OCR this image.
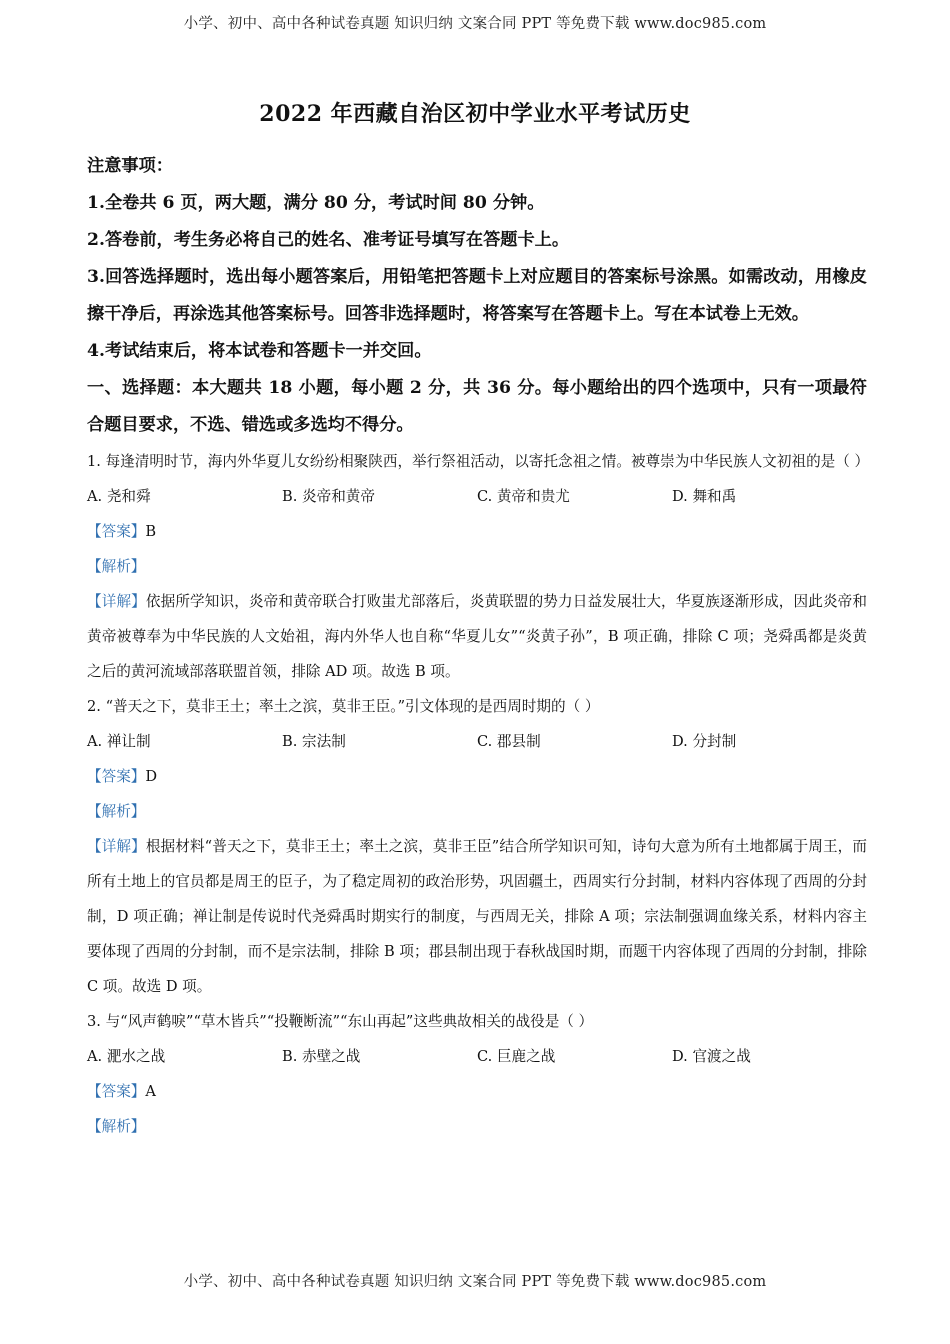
小学、初中、高中各种试卷真题 知识归纳 文案合同 PPT 等免费下载 www.doc985.com
2022 年西藏自治区初中学业水平考试历史

注意事项：

1.全卷共 6 页，两大题，满分 80 分，考试时间 80 分钟。

2.答卷前，考生务必将自己的姓名、准考证号填写在答题卡上。

3.回答选择题时，选出每小题答案后，用铅笔把答题卡上对应题目的答案标号涂黑。如需改动，用橡皮擦干净后，再涂选其他答案标号。回答非选择题时，将答案写在答题卡上。写在本试卷上无效。

4.考试结束后，将本试卷和答题卡一并交回。

一、选择题：本大题共 18 小题，每小题 2 分，共 36 分。每小题给出的四个选项中，只有一项最符合题目要求，不选、错选或多选均不得分。

1. 每逢清明时节，海内外华夏儿女纷纷相聚陕西，举行祭祖活动，以寄托念祖之情。被尊崇为中华民族人文初祖的是（ ）

A. 尧和舜	B. 炎帝和黄帝	C. 黄帝和贵尤	D. 舞和禹

【答案】B

【解析】

【详解】依据所学知识，炎帝和黄帝联合打败蚩尤部落后，炎黄联盟的势力日益发展壮大，华夏族逐渐形成，因此炎帝和黄帝被尊奉为中华民族的人文始祖，海内外华人也自称“华夏儿女”“炎黄子孙”，B 项正确，排除 C 项；尧舜禹都是炎黄之后的黄河流域部落联盟首领，排除 AD 项。故选 B 项。

2. “普天之下，莫非王土；率土之滨，莫非王臣。”引文体现的是西周时期的（ ）

A. 禅让制	B. 宗法制	C. 郡县制	D. 分封制

【答案】D

【解析】

【详解】根据材料“普天之下，莫非王土；率土之滨，莫非王臣”结合所学知识可知，诗句大意为所有土地都属于周王，而所有土地上的官员都是周王的臣子，为了稳定周初的政治形势，巩固疆土，西周实行分封制，材料内容体现了西周的分封制，D 项正确；禅让制是传说时代尧舜禹时期实行的制度，与西周无关，排除 A 项；宗法制强调血缘关系，材料内容主要体现了西周的分封制，而不是宗法制，排除 B 项；郡县制出现于春秋战国时期，而题干内容体现了西周的分封制，排除 C 项。故选 D 项。

3. 与“风声鹤唳”“草木皆兵”“投鞭断流”“东山再起”这些典故相关的战役是（ ）

A. 淝水之战	B. 赤壁之战	C. 巨鹿之战	D. 官渡之战

【答案】A

【解析】

小学、初中、高中各种试卷真题 知识归纳 文案合同 PPT 等免费下载 www.doc985.com
